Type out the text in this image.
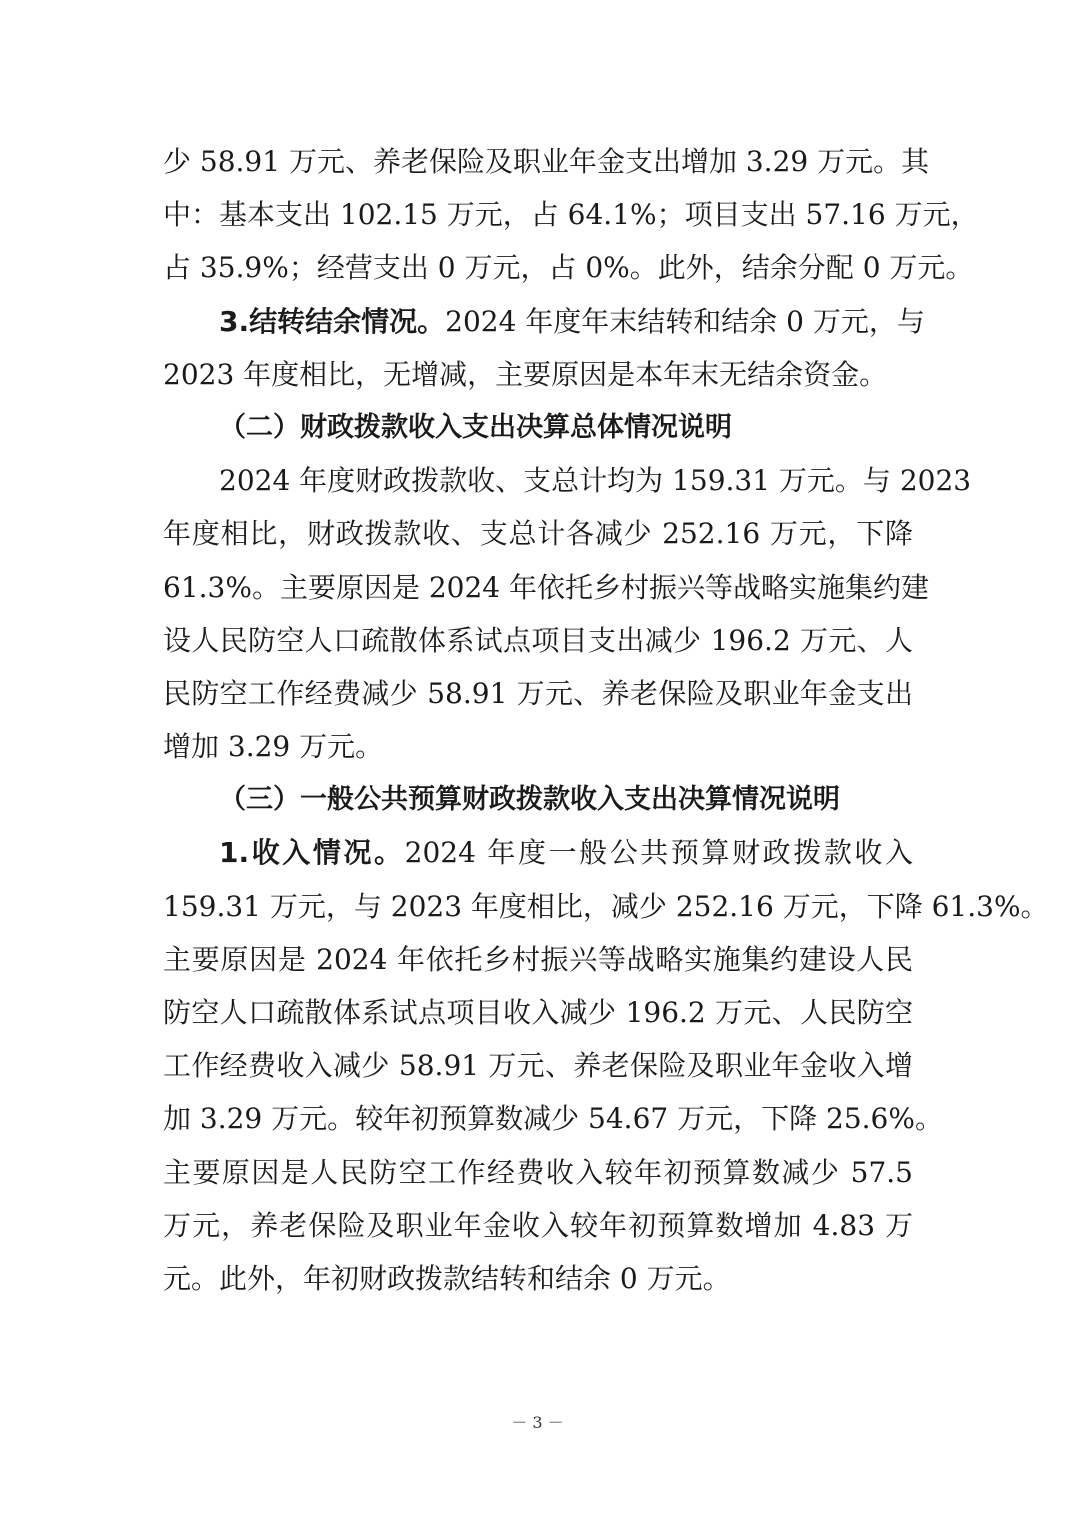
少 58.91 万元、养老保险及职业年金支出增加 3.29 万元。其
中：基本支出 102.15 万元，占 64.1%；项目支出 57.16 万元，
占 35.9%；经营支出 0 万元，占 0%。此外，结余分配 0 万元。
3.结转结余情况。2024 年度年末结转和结余 0 万元，与
2023 年度相比，无增减，主要原因是本年末无结余资金。
（二）财政拨款收入支出决算总体情况说明
2024 年度财政拨款收、支总计均为 159.31 万元。与 2023
年度相比，财政拨款收、支总计各减少 252.16 万元，下降
61.3%。主要原因是 2024 年依托乡村振兴等战略实施集约建
设人民防空人口疏散体系试点项目支出减少 196.2 万元、人
民防空工作经费减少 58.91 万元、养老保险及职业年金支出
增加 3.29 万元。
（三）一般公共预算财政拨款收入支出决算情况说明
1.收入情况。2024 年度一般公共预算财政拨款收入
159.31 万元，与 2023 年度相比，减少 252.16 万元，下降 61.3%。
主要原因是 2024 年依托乡村振兴等战略实施集约建设人民
防空人口疏散体系试点项目收入减少 196.2 万元、人民防空
工作经费收入减少 58.91 万元、养老保险及职业年金收入增
加 3.29 万元。较年初预算数减少 54.67 万元，下降 25.6%。
主要原因是人民防空工作经费收入较年初预算数减少 57.5
万元，养老保险及职业年金收入较年初预算数增加 4.83 万
元。此外，年初财政拨款结转和结余 0 万元。
－ 3 －
